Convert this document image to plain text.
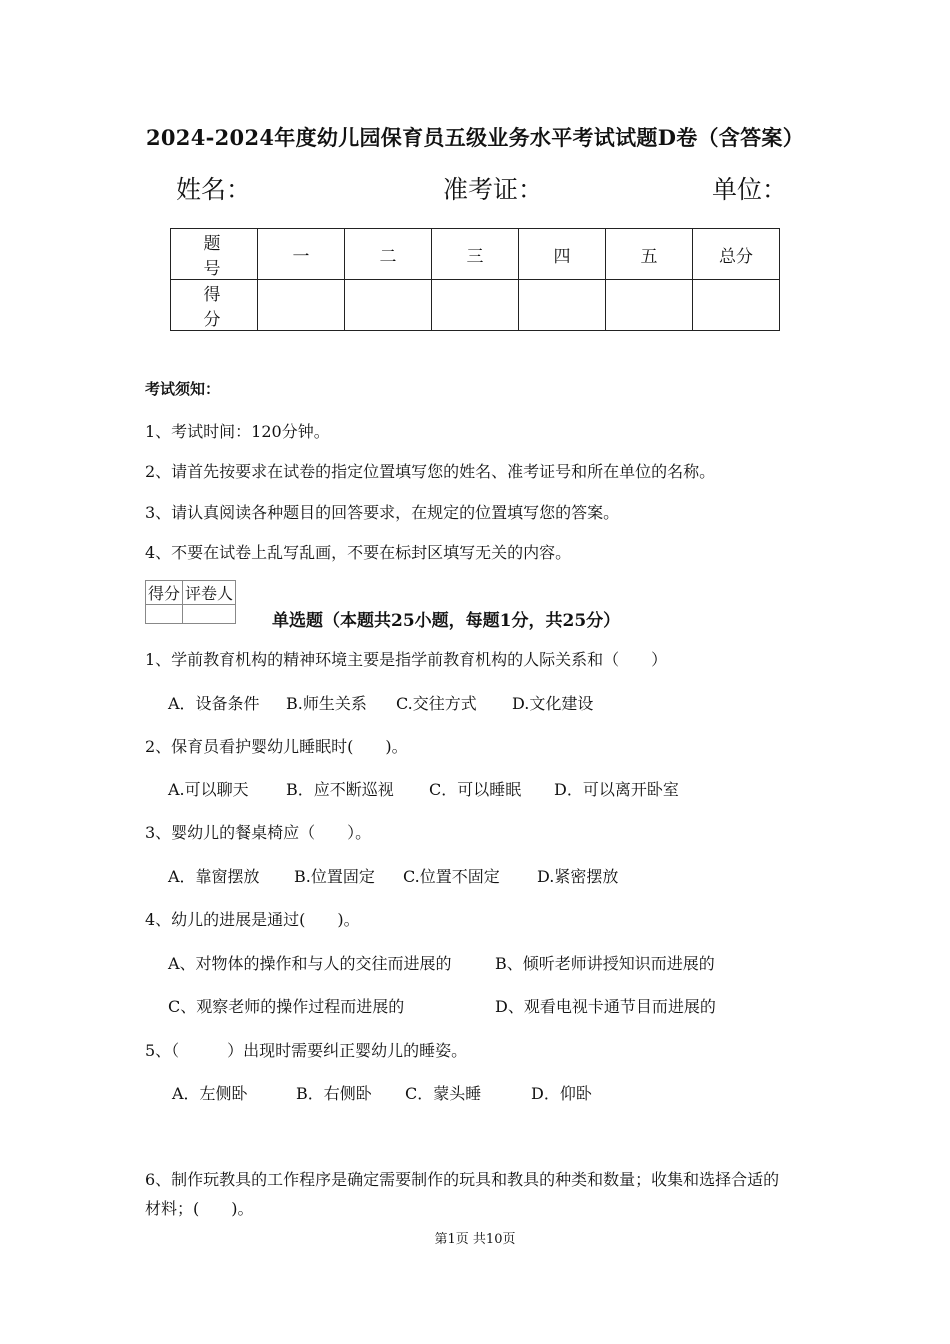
2024-2024年度幼儿园保育员五级业务水平考试试题D卷（含答案）
姓名：	准考证：	单位：
题号	一	二	三	四	五	总分
得分						
考试须知：
1、考试时间：120分钟。
2、请首先按要求在试卷的指定位置填写您的姓名、准考证号和所在单位的名称。
3、请认真阅读各种题目的回答要求，在规定的位置填写您的答案。
4、不要在试卷上乱写乱画，不要在标封区填写无关的内容。
得分	评卷人

单选题（本题共25小题，每题1分，共25分）
1、学前教育机构的精神环境主要是指学前教育机构的人际关系和（　　）
A．设备条件 B.师生关系 C.交往方式 D.文化建设
2、保育员看护婴幼儿睡眠时(　　)。
A.可以聊天 B．应不断巡视 C．可以睡眠 D．可以离开卧室
3、婴幼儿的餐桌椅应（　　）。
A．靠窗摆放 B.位置固定 C.位置不固定 D.紧密摆放
4、幼儿的进展是通过(　　)。
A、对物体的操作和与人的交往而进展的	B、倾听老师讲授知识而进展的
C、观察老师的操作过程而进展的	D、观看电视卡通节目而进展的
5、（　　　）出现时需要纠正婴幼儿的睡姿。
A．左侧卧	B．右侧卧 C．蒙头睡	D．仰卧
6、制作玩教具的工作程序是确定需要制作的玩具和教具的种类和数量；收集和选择合适的
材料；(　　)。
第1页 共10页
